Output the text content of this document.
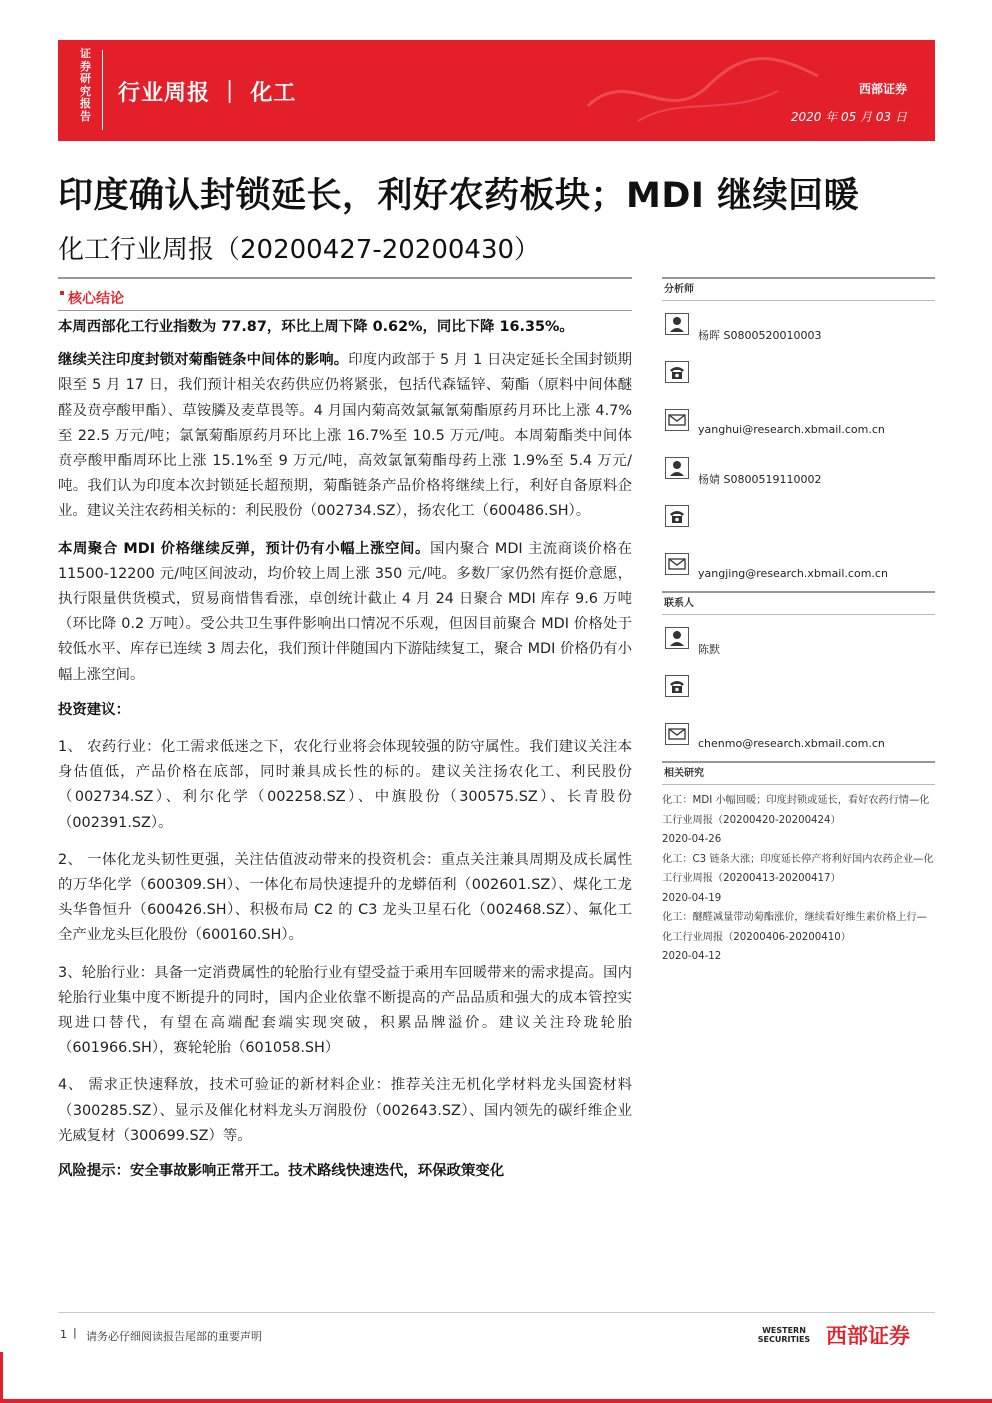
证券研究报告
行业周报 ｜ 化工	西部证券
2020 年 05 月 03 日
印度确认封锁延长，利好农药板块；MDI 继续回暖
化工行业周报（20200427-20200430）
核心结论

本周西部化工行业指数为 77.87，环比上周下降 0.62%，同比下降 16.35%。

继续关注印度封锁对菊酯链条中间体的影响。印度内政部于 5 月 1 日决定延长全国封锁期限至 5 月 17 日，我们预计相关农药供应仍将紧张，包括代森锰锌、菊酯（原料中间体醚醛及贲亭酸甲酯）、草铵膦及麦草畏等。4 月国内菊高效氯氟氰菊酯原药月环比上涨 4.7%至 22.5 万元/吨；氯氰菊酯原药月环比上涨 16.7%至 10.5 万元/吨。本周菊酯类中间体贲亭酸甲酯周环比上涨 15.1%至 9 万元/吨，高效氯氰菊酯母药上涨 1.9%至 5.4 万元/吨。我们认为印度本次封锁延长超预期，菊酯链条产品价格将继续上行，利好自备原料企业。建议关注农药相关标的：利民股份（002734.SZ），扬农化工（600486.SH）。

本周聚合 MDI 价格继续反弹，预计仍有小幅上涨空间。国内聚合 MDI 主流商谈价格在 11500-12200 元/吨区间波动，均价较上周上涨 350 元/吨。多数厂家仍然有挺价意愿，执行限量供货模式，贸易商惜售看涨，卓创统计截止 4 月 24 日聚合 MDI 库存 9.6 万吨（环比降 0.2 万吨）。受公共卫生事件影响出口情况不乐观，但因目前聚合 MDI 价格处于较低水平、库存已连续 3 周去化，我们预计伴随国内下游陆续复工，聚合 MDI 价格仍有小幅上涨空间。

投资建议：

1、 农药行业：化工需求低迷之下，农化行业将会体现较强的防守属性。我们建议关注本身估值低，产品价格在底部，同时兼具成长性的标的。建议关注扬农化工、利民股份（002734.SZ）、利尔化学（002258.SZ）、中旗股份（300575.SZ）、长青股份（002391.SZ）。

2、 一体化龙头韧性更强，关注估值波动带来的投资机会：重点关注兼具周期及成长属性的万华化学（600309.SH）、一体化布局快速提升的龙蟒佰利（002601.SZ）、煤化工龙头华鲁恒升（600426.SH）、积极布局 C2 的 C3 龙头卫星石化（002468.SZ）、氟化工全产业龙头巨化股份（600160.SH）。

3、轮胎行业：具备一定消费属性的轮胎行业有望受益于乘用车回暖带来的需求提高。国内轮胎行业集中度不断提升的同时，国内企业依靠不断提高的产品品质和强大的成本管控实现进口替代，有望在高端配套端实现突破，积累品牌溢价。建议关注玲珑轮胎（601966.SH），赛轮轮胎（601058.SH）

4、 需求正快速释放，技术可验证的新材料企业：推荐关注无机化学材料龙头国瓷材料（300285.SZ）、显示及催化材料龙头万润股份（002643.SZ）、国内领先的碳纤维企业光威复材（300699.SZ）等。

风险提示：安全事故影响正常开工。技术路线快速迭代，环保政策变化

分析师
杨晖 S0800520010003
yanghui@research.xbmail.com.cn
杨婧 S0800519110002
yangjing@research.xbmail.com.cn
联系人
陈默
chenmo@research.xbmail.com.cn
相关研究
化工：MDI 小幅回暖；印度封锁或延长，看好农药行情—化工行业周报（20200420-20200424）
2020-04-26
化工：C3 链条大涨；印度延长停产将利好国内农药企业—化工行业周报（20200413-20200417）
2020-04-19
化工：醚醛减量带动菊酯涨价，继续看好维生素价格上行—化工行业周报（20200406-20200410）
2020-04-12
1 | 请务必仔细阅读报告尾部的重要声明	WESTERN SECURITIES 西部证券
